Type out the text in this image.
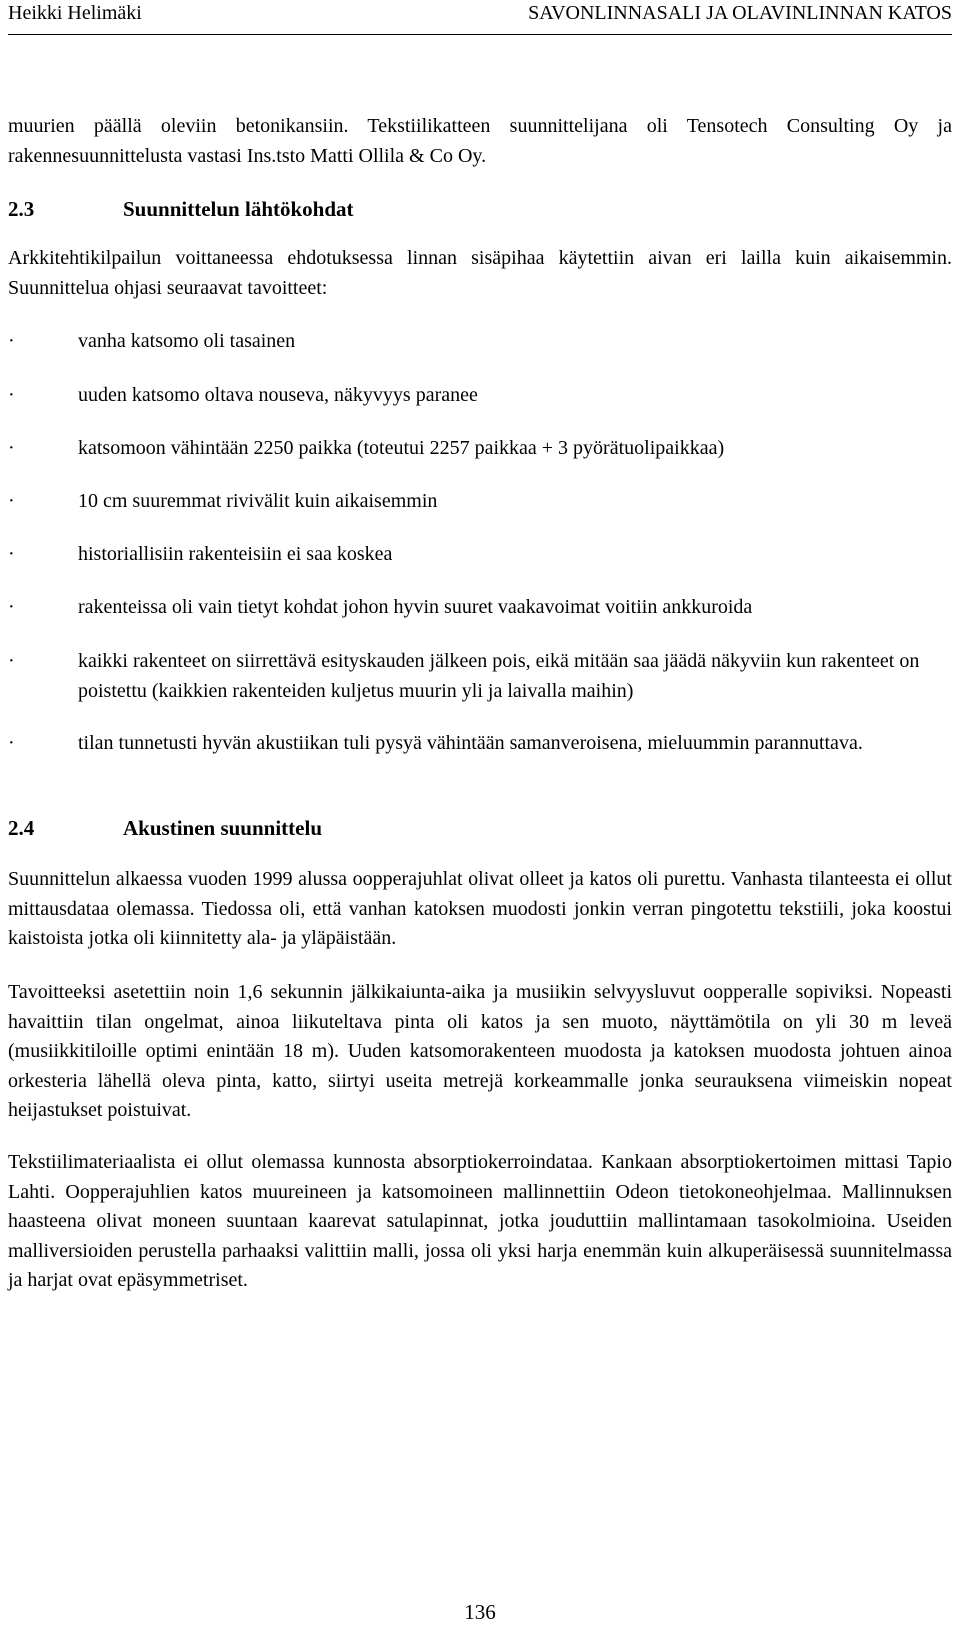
Heikki Helimäki	SAVONLINNASALI JA OLAVINLINNAN KATOS
muurien päällä oleviin betonikansiin. Tekstiilikatteen suunnittelijana oli Tensotech Consulting Oy ja rakennesuunnittelusta vastasi Ins.tsto Matti Ollila & Co Oy.
2.3	Suunnittelun lähtökohdat
Arkkitehtikilpailun voittaneessa ehdotuksessa linnan sisäpihaa käytettiin aivan eri lailla kuin aikaisemmin. Suunnittelua ohjasi seuraavat tavoitteet:
·	vanha katsomo oli tasainen
·	uuden katsomo oltava nouseva, näkyvyys paranee
·	katsomoon vähintään 2250 paikka (toteutui 2257 paikkaa + 3 pyörätuolipaikkaa)
·	10 cm suuremmat rivivälit kuin aikaisemmin
·	historiallisiin rakenteisiin ei saa koskea
·	rakenteissa oli vain tietyt kohdat johon hyvin suuret vaakavoimat voitiin ankkuroida
·	kaikki rakenteet on siirrettävä esityskauden jälkeen pois, eikä mitään saa jäädä näkyviin kun rakenteet on poistettu (kaikkien rakenteiden kuljetus muurin yli ja laivalla maihin)
·	tilan tunnetusti hyvän akustiikan tuli pysyä vähintään samanveroisena, mieluummin parannuttava.
2.4	Akustinen suunnittelu
Suunnittelun alkaessa vuoden 1999 alussa oopperajuhlat olivat olleet ja katos oli purettu. Vanhasta tilanteesta ei ollut mittausdataa olemassa. Tiedossa oli, että vanhan katoksen muodosti jonkin verran pingotettu tekstiili, joka koostui kaistoista jotka oli kiinnitetty ala- ja yläpäistään.
Tavoitteeksi asetettiin noin 1,6 sekunnin jälkikaiunta-aika ja musiikin selvyysluvut oopperalle sopiviksi. Nopeasti havaittiin tilan ongelmat, ainoa liikuteltava pinta oli katos ja sen muoto, näyttämötila on yli 30 m leveä (musiikkitiloille optimi enintään 18 m). Uuden katsomorakenteen muodosta ja katoksen muodosta johtuen ainoa orkesteria lähellä oleva pinta, katto, siirtyi useita metrejä korkeammalle jonka seurauksena viimeiskin nopeat heijastukset poistuivat.
Tekstiilimateriaalista ei ollut olemassa kunnosta absorptiokerroindataa. Kankaan absorptiokertoimen mittasi Tapio Lahti. Oopperajuhlien katos muureineen ja katsomoineen mallinnettiin Odeon tietokoneohjelmaa. Mallinnuksen haasteena olivat moneen suuntaan kaarevat satulapinnat, jotka jouduttiin mallintamaan tasokolmioina. Useiden malliversioiden perustella parhaaksi valittiin malli, jossa oli yksi harja enemmän kuin alkuperäisessä suunnitelmassa ja harjat ovat epäsymmetriset.
136
